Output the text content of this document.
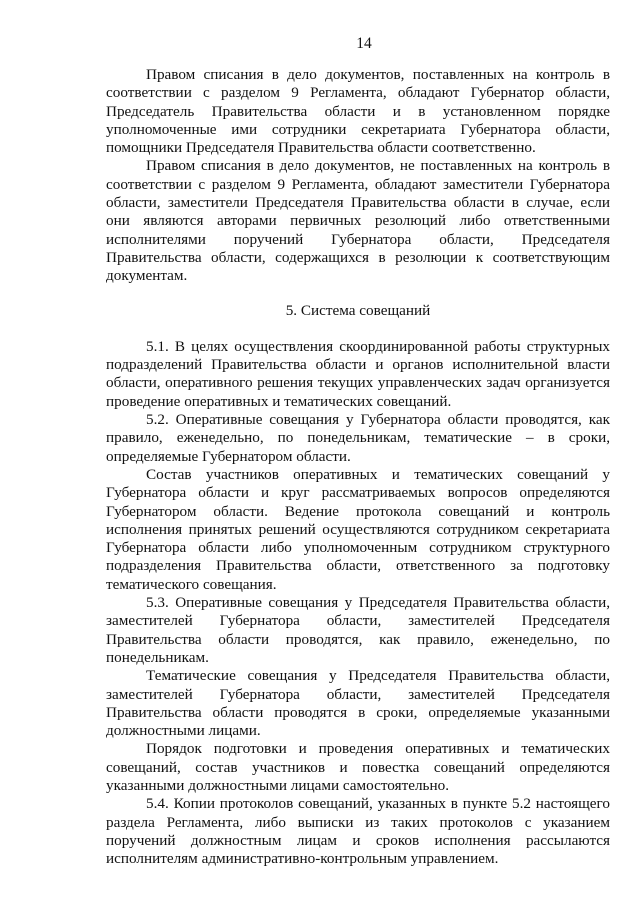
14

Правом списания в дело документов, поставленных на контроль в соответствии с разделом 9 Регламента, обладают Губернатор области, Председатель Правительства области и в установленном порядке уполномоченные ими сотрудники секретариата Губернатора области, помощники Председателя Правительства области соответственно.

Правом списания в дело документов, не поставленных на контроль в соответствии с разделом 9 Регламента, обладают заместители Губернатора области, заместители Председателя Правительства области в случае, если они являются авторами первичных резолюций либо ответственными исполнителями поручений Губернатора области, Председателя Правительства области, содержащихся в резолюции к соответствующим документам.

5. Система совещаний

5.1. В целях осуществления скоординированной работы структурных подразделений Правительства области и органов исполнительной власти области, оперативного решения текущих управленческих задач организуется проведение оперативных и тематических совещаний.

5.2. Оперативные совещания у Губернатора области проводятся, как правило, еженедельно, по понедельникам, тематические – в сроки, определяемые Губернатором области.

Состав участников оперативных и тематических совещаний у Губернатора области и круг рассматриваемых вопросов определяются Губернатором области. Ведение протокола совещаний и контроль исполнения принятых решений осуществляются сотрудником секретариата Губернатора области либо уполномоченным сотрудником структурного подразделения Правительства области, ответственного за подготовку тематического совещания.

5.3. Оперативные совещания у Председателя Правительства области, заместителей Губернатора области, заместителей Председателя Правительства области проводятся, как правило, еженедельно, по понедельникам.

Тематические совещания у Председателя Правительства области, заместителей Губернатора области, заместителей Председателя Правительства области проводятся в сроки, определяемые указанными должностными лицами.

Порядок подготовки и проведения оперативных и тематических совещаний, состав участников и повестка совещаний определяются указанными должностными лицами самостоятельно.

5.4. Копии протоколов совещаний, указанных в пункте 5.2 настоящего раздела Регламента, либо выписки из таких протоколов с указанием поручений должностным лицам и сроков исполнения рассылаются исполнителям административно-контрольным управлением.
